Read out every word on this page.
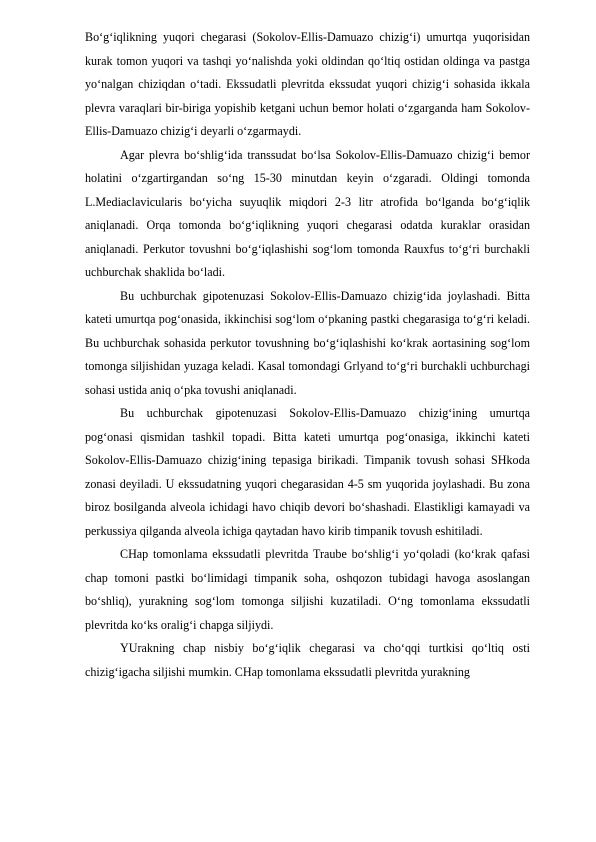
Bo‘g‘iqlikning yuqori chegarasi (Sokolov-Ellis-Damuazo chizig‘i) umurtqa yuqorisidan kurak tomon yuqori va tashqi yo‘nalishda yoki oldindan qo‘ltiq ostidan oldinga va pastga yo‘nalgan chiziqdan o‘tadi. Ekssudatli plevritda ekssudat yuqori chizig‘i sohasida ikkala plevra varaqlari bir-biriga yopishib ketgani uchun bemor holati o‘zgarganda ham Sokolov-Ellis-Damuazo chizig‘i deyarli o‘zgarmaydi.

Agar plevra bo‘shlig‘ida transsudat bo‘lsa Sokolov-Ellis-Damuazo chizig‘i bemor holatini o‘zgartirgandan so‘ng 15-30 minutdan keyin o‘zgaradi. Oldingi tomonda L.Mediaclavicularis bo‘yicha suyuqlik miqdori 2-3 litr atrofida bo‘lganda bo‘g‘iqlik aniqlanadi. Orqa tomonda bo‘g‘iqlikning yuqori chegarasi odatda kuraklar orasidan aniqlanadi. Perkutor tovushni bo‘g‘iqlashishi sog‘lom tomonda Rauxfus to‘g‘ri burchakli uchburchak shaklida bo‘ladi.

Bu uchburchak gipotenuzasi Sokolov-Ellis-Damuazo chizig‘ida joylashadi. Bitta kateti umurtqa pog‘onasida, ikkinchisi sog‘lom o‘pkaning pastki chegarasiga to‘g‘ri keladi. Bu uchburchak sohasida perkutor tovushning bo‘g‘iqlashishi ko‘krak aortasining sog‘lom tomonga siljishidan yuzaga keladi. Kasal tomondagi Grlyand to‘g‘ri burchakli uchburchagi sohasi ustida aniq o‘pka tovushi aniqlanadi.

Bu uchburchak gipotenuzasi Sokolov-Ellis-Damuazo chizig‘ining umurtqa pog‘onasi qismidan tashkil topadi. Bitta kateti umurtqa pog‘onasiga, ikkinchi kateti Sokolov-Ellis-Damuazo chizig‘ining tepasiga birikadi. Timpanik tovush sohasi SHkoda zonasi deyiladi. U ekssudatning yuqori chegarasidan 4-5 sm yuqorida joylashadi. Bu zona biroz bosilganda alveola ichidagi havo chiqib devori bo‘shashadi. Elastikligi kamayadi va perkussiya qilganda alveola ichiga qaytadan havo kirib timpanik tovush eshitiladi.

CHap tomonlama ekssudatli plevritda Traube bo‘shlig‘i yo‘qoladi (ko‘krak qafasi chap tomoni pastki bo‘limidagi timpanik soha, oshqozon tubidagi havoga asoslangan bo‘shliq), yurakning sog‘lom tomonga siljishi kuzatiladi. O‘ng tomonlama ekssudatli plevritda ko‘ks oralig‘i chapga siljiydi.

YUrakning chap nisbiy bo‘g‘iqlik chegarasi va cho‘qqi turtkisi qo‘ltiq osti chizig‘igacha siljishi mumkin. CHap tomonlama ekssudatli plevritda yurakning
